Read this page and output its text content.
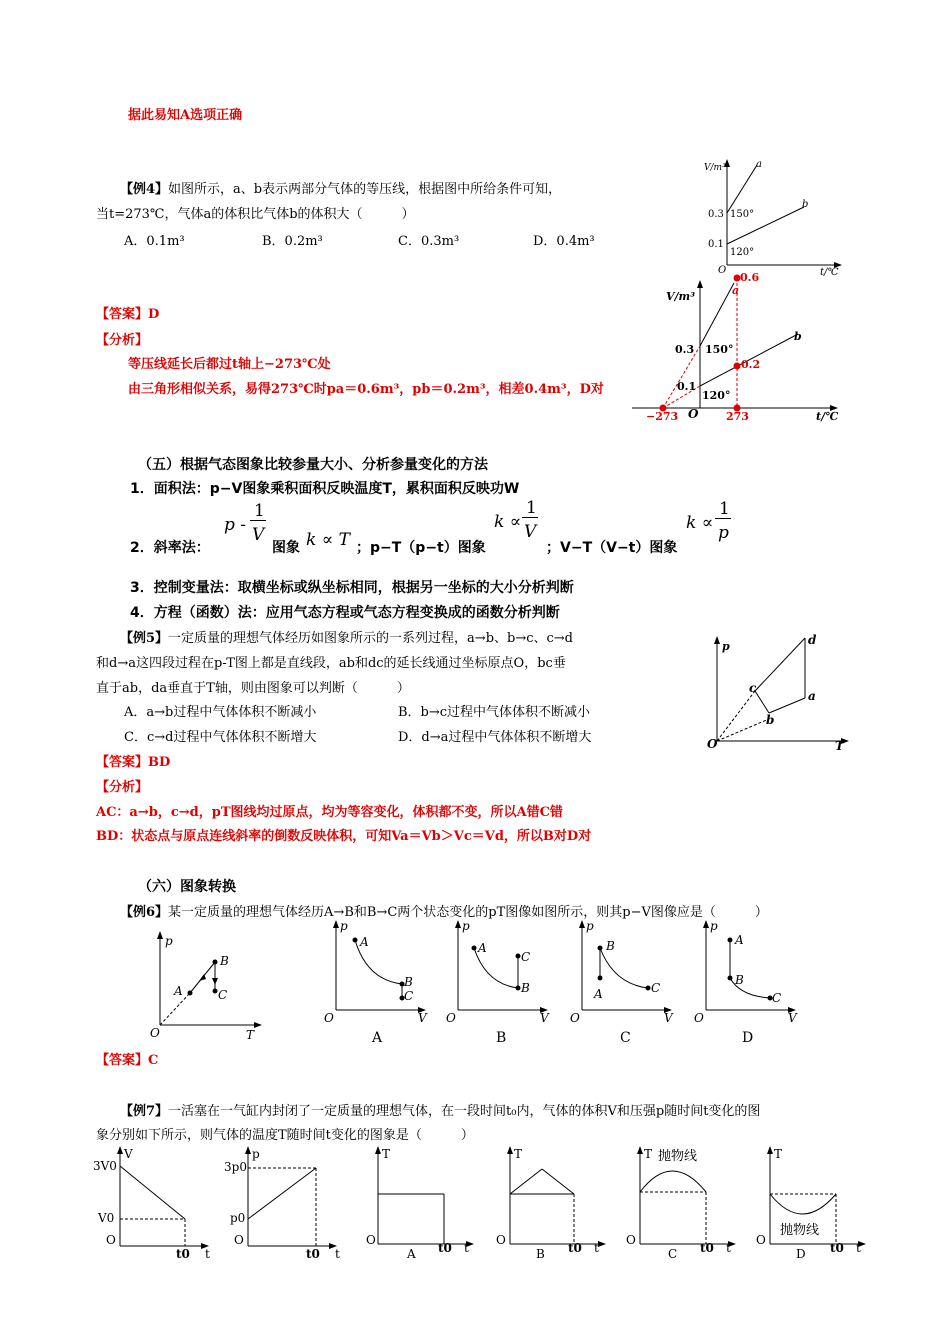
据此易知A选项正确
【例4】如图所示，a、b表示两部分气体的等压线，根据图中所给条件可知，
当t=273℃，气体a的体积比气体b的体积大（　　　）
A．0.1m³	B．0.2m³	C．0.3m³	D．0.4m³
【答案】D
【分析】
等压线延长后都过t轴上−273℃处
由三角形相似关系，易得273℃时pa＝0.6m³，pb＝0.2m³，相差0.4m³，D对
V/m³	a
b
0.3
0.1
150°
120°
O	t/℃
V/m³
0.6
a
b
0.3
0.1
150°
120°
0.2
−273 O	273	t/℃
（五）根据气态图象比较参量大小、分析参量变化的方法
1．面积法：p−V图象乘积面积反映温度T，累积面积反映功W
2．斜率法：
p -
1
V
图象 k ∝ T ；p−T（p−t）图象
k ∝
1
V
；V−T（V−t）图象
k ∝
1
p
3．控制变量法：取横坐标或纵坐标相同，根据另一坐标的大小分析判断
4．方程（函数）法：应用气态方程或气态方程变换成的函数分析判断
【例5】一定质量的理想气体经历如图象所示的一系列过程，a→b、b→c、c→d
和d→a这四段过程在p-T图上都是直线段，ab和dc的延长线通过坐标原点O，bc垂
直于ab，da垂直于T轴，则由图象可以判断（　　　）
A．a→b过程中气体体积不断减小	B．b→c过程中气体体积不断减小
C．c→d过程中气体体积不断增大	D．d→a过程中气体体积不断增大
【答案】BD
【分析】
AC：a→b，c→d，pT图线均过原点，均为等容变化，体积都不变，所以A错C错
BD：状态点与原点连线斜率的倒数反映体积，可知Va＝Vb＞Vc＝Vd，所以B对D对
p	d
a
c
b
O	T
（六）图象转换
【例6】某一定质量的理想气体经历A→B和B→C两个状态变化的pT图像如图所示，则其p−V图像应是（　　　）
p
A
B
C
O	T
p
A
B
C
O	V
A
p
A
C
B
O	V
B
p
B
A	C
O	V
C
p
A
B
C
O	V
D
【答案】C
【例7】一活塞在一气缸内封闭了一定质量的理想气体，在一段时间t₀内，气体的体积V和压强p随时间t变化的图
象分别如下所示，则气体的温度T随时间t变化的图象是（　　　）
V
3V0
V0
O
t0 t
p
3p0
p0
O
t0 t
T
O
t0 t
A
T
O
t0 t
B
T 抛物线
O
t0 t
C
T
抛物线
O
t0 t
D
